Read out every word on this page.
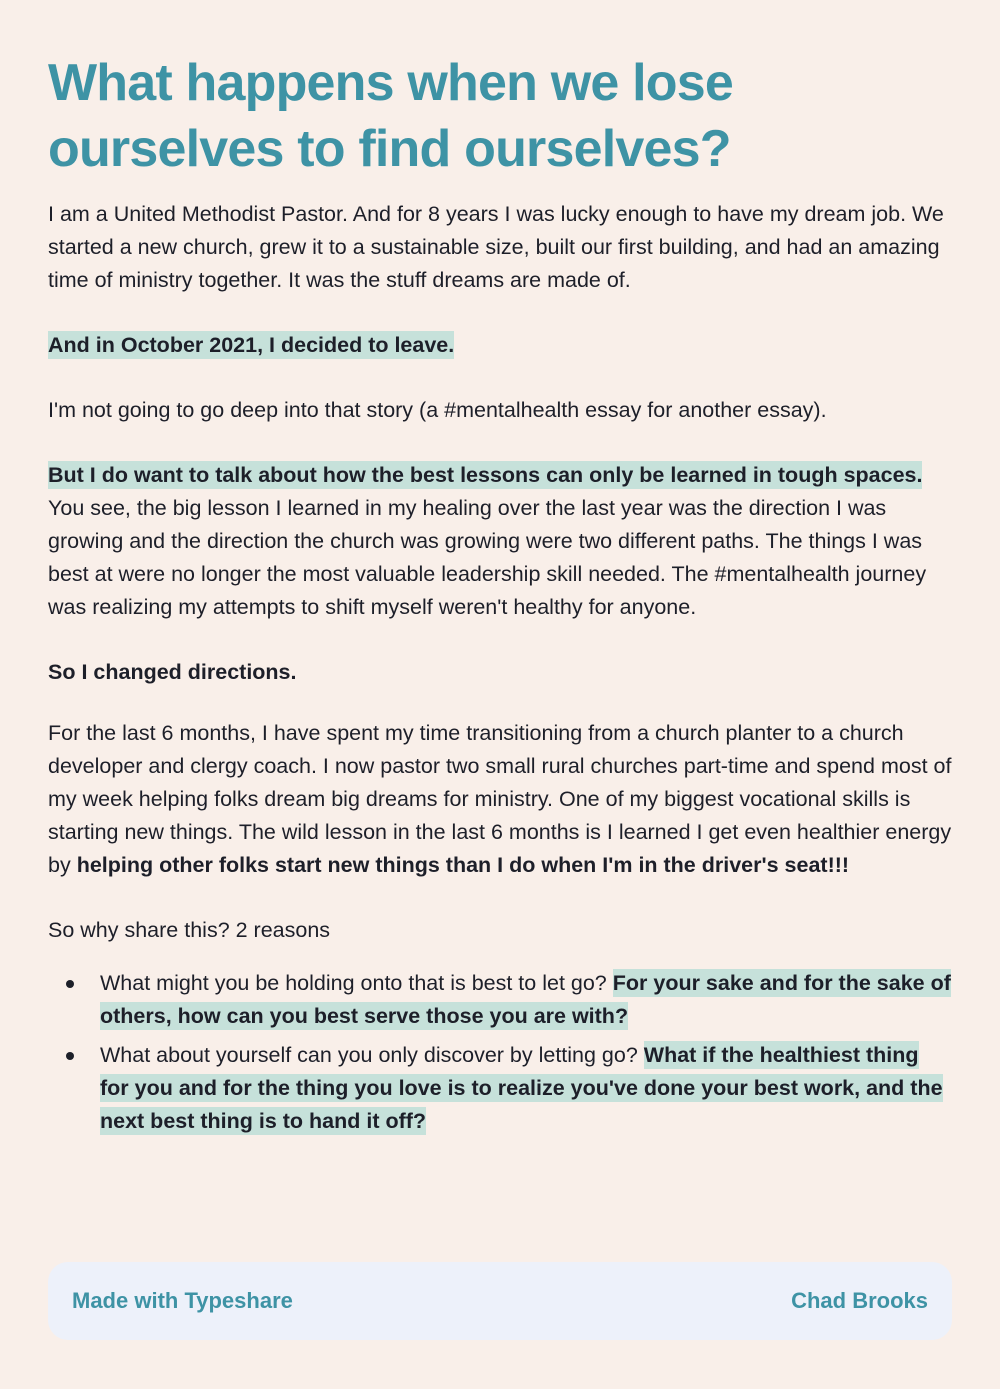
What happens when we lose ourselves to find ourselves?

I am a United Methodist Pastor. And for 8 years I was lucky enough to have my dream job. We started a new church, grew it to a sustainable size, built our first building, and had an amazing time of ministry together. It was the stuff dreams are made of.

And in October 2021, I decided to leave.

I'm not going to go deep into that story (a #mentalhealth essay for another essay).

But I do want to talk about how the best lessons can only be learned in tough spaces. You see, the big lesson I learned in my healing over the last year was the direction I was growing and the direction the church was growing were two different paths. The things I was best at were no longer the most valuable leadership skill needed. The #mentalhealth journey was realizing my attempts to shift myself weren't healthy for anyone.

So I changed directions.

For the last 6 months, I have spent my time transitioning from a church planter to a church developer and clergy coach. I now pastor two small rural churches part-time and spend most of my week helping folks dream big dreams for ministry. One of my biggest vocational skills is starting new things. The wild lesson in the last 6 months is I learned I get even healthier energy by helping other folks start new things than I do when I'm in the driver's seat!!!

So why share this? 2 reasons

What might you be holding onto that is best to let go? For your sake and for the sake of others, how can you best serve those you are with?
What about yourself can you only discover by letting go? What if the healthiest thing for you and for the thing you love is to realize you've done your best work, and the next best thing is to hand it off?
Made with Typeshare	Chad Brooks
